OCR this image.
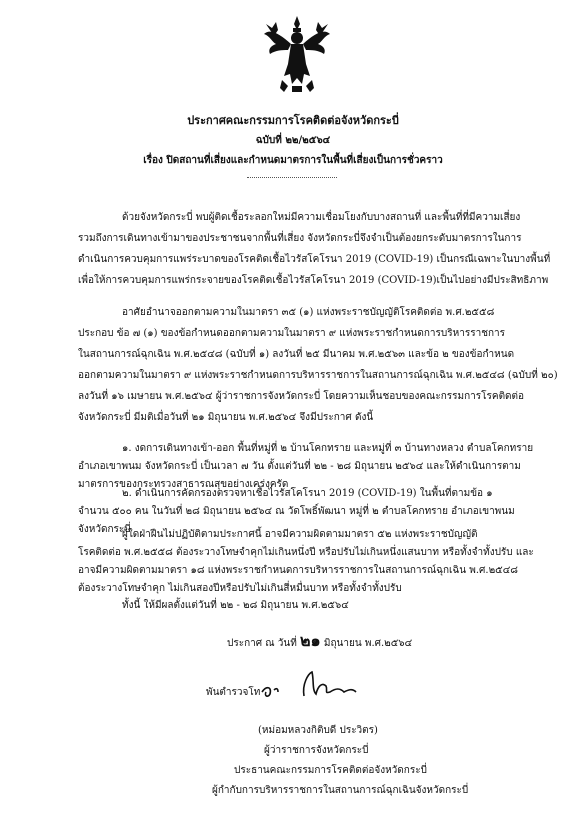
ประกาศคณะกรรมการโรคติดต่อจังหวัดกระบี่
ฉบับที่ ๒๒/๒๕๖๔
เรื่อง ปิดสถานที่เสี่ยงและกำหนดมาตรการในพื้นที่เสี่ยงเป็นการชั่วคราว
ด้วยจังหวัดกระบี่ พบผู้ติดเชื้อระลอกใหม่มีความเชื่อมโยงกับบางสถานที่ และพื้นที่ที่มีความเสี่ยง
รวมถึงการเดินทางเข้ามาของประชาชนจากพื้นที่เสี่ยง จังหวัดกระบี่จึงจำเป็นต้องยกระดับมาตรการในการ
ดำเนินการควบคุมการแพร่ระบาดของโรคติดเชื้อไวรัสโคโรนา 2019 (COVID-19) เป็นกรณีเฉพาะในบางพื้นที่
เพื่อให้การควบคุมการแพร่กระจายของโรคติดเชื้อไวรัสโคโรนา 2019 (COVID-19)เป็นไปอย่างมีประสิทธิภาพ
อาศัยอำนาจออกตามความในมาตรา ๓๕ (๑) แห่งพระราชบัญญัติโรคติดต่อ พ.ศ.๒๕๕๘
ประกอบ ข้อ ๗ (๑) ของข้อกำหนดออกตามความในมาตรา ๙ แห่งพระราชกำหนดการบริหารราชการ
ในสถานการณ์ฉุกเฉิน พ.ศ.๒๕๔๘ (ฉบับที่ ๑) ลงวันที่ ๒๕ มีนาคม พ.ศ.๒๕๖๓ และข้อ ๒ ของข้อกำหนด
ออกตามความในมาตรา ๙ แห่งพระราชกำหนดการบริหารราชการในสถานการณ์ฉุกเฉิน พ.ศ.๒๕๔๘ (ฉบับที่ ๒๐)
ลงวันที่ ๑๖ เมษายน พ.ศ.๒๕๖๔ ผู้ว่าราชการจังหวัดกระบี่ โดยความเห็นชอบของคณะกรรมการโรคติดต่อ
จังหวัดกระบี่ มีมติเมื่อวันที่ ๒๑ มิถุนายน พ.ศ.๒๕๖๔ จึงมีประกาศ ดังนี้
๑. งดการเดินทางเข้า-ออก พื้นที่หมู่ที่ ๒ บ้านโคกทราย และหมู่ที่ ๓ บ้านทางหลวง ตำบลโคกทราย
อำเภอเขาพนม จังหวัดกระบี่ เป็นเวลา ๗ วัน ตั้งแต่วันที่ ๒๒ - ๒๘ มิถุนายน ๒๕๖๔ และให้ดำเนินการตาม
มาตรการของกระทรวงสาธารณสุขอย่างเคร่งครัด
๒. ดำเนินการคัดกรองตรวจหาเชื้อไวรัสโคโรนา 2019 (COVID-19) ในพื้นที่ตามข้อ ๑
จำนวน ๕๐๐ คน ในวันที่ ๒๘ มิถุนายน ๒๕๖๔ ณ วัดโพธิ์พัฒนา หมู่ที่ ๒ ตำบลโคกทราย อำเภอเขาพนม
จังหวัดกระบี่
ผู้ใดฝ่าฝืนไม่ปฏิบัติตามประกาศนี้ อาจมีความผิดตามมาตรา ๕๒ แห่งพระราชบัญญัติ
โรคติดต่อ พ.ศ.๒๕๕๘ ต้องระวางโทษจำคุกไม่เกินหนึ่งปี หรือปรับไม่เกินหนึ่งแสนบาท หรือทั้งจำทั้งปรับ และ
อาจมีความผิดตามมาตรา ๑๘ แห่งพระราชกำหนดการบริหารราชการในสถานการณ์ฉุกเฉิน พ.ศ.๒๕๔๘
ต้องระวางโทษจำคุก ไม่เกินสองปีหรือปรับไม่เกินสี่หมื่นบาท หรือทั้งจำทั้งปรับ
ทั้งนี้ ให้มีผลตั้งแต่วันที่ ๒๒ - ๒๘ มิถุนายน พ.ศ.๒๕๖๔
ประกาศ ณ วันที่ ๒๑ มิถุนายน พ.ศ.๒๕๖๔
พันตำรวจโท
(หม่อมหลวงกิติบดี ประวิตร)
ผู้ว่าราชการจังหวัดกระบี่
ประธานคณะกรรมการโรคติดต่อจังหวัดกระบี่
ผู้กำกับการบริหารราชการในสถานการณ์ฉุกเฉินจังหวัดกระบี่
